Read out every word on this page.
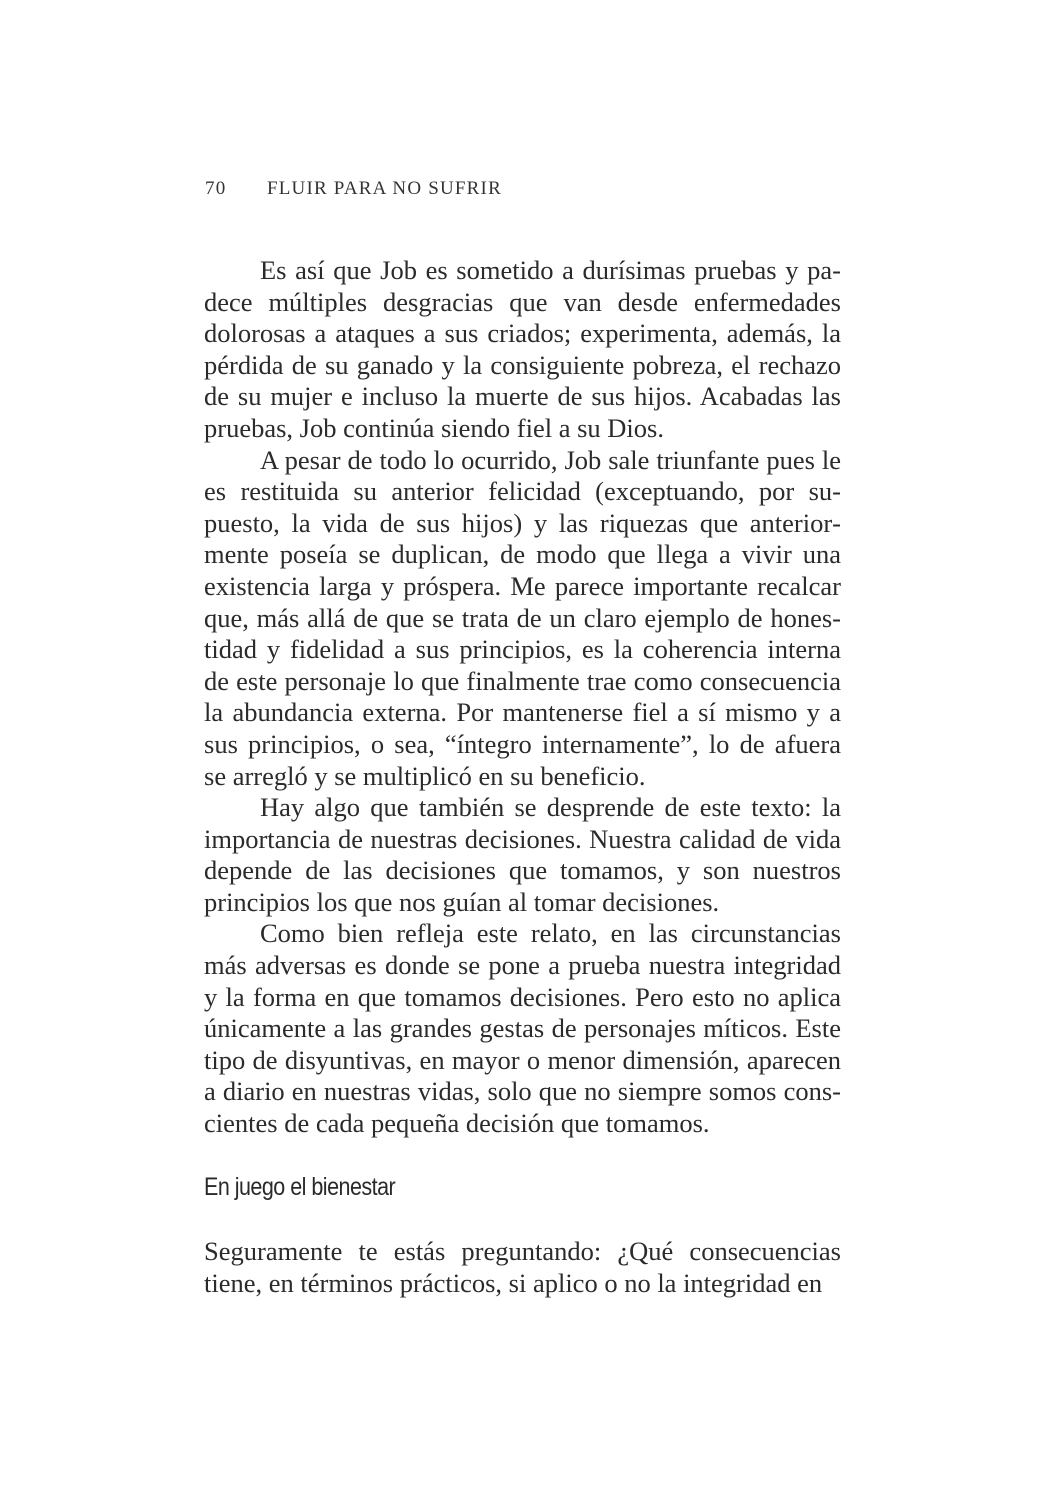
70 FLUIR PARA NO SUFRIR

Es así que Job es sometido a durísimas pruebas y padece múltiples desgracias que van desde enfermedades dolorosas a ataques a sus criados; experimenta, además, la pérdida de su ganado y la consiguiente pobreza, el rechazo de su mujer e incluso la muerte de sus hijos. Acabadas las pruebas, Job continúa siendo fiel a su Dios.

A pesar de todo lo ocurrido, Job sale triunfante pues le es restituida su anterior felicidad (exceptuando, por supuesto, la vida de sus hijos) y las riquezas que anteriormente poseía se duplican, de modo que llega a vivir una existencia larga y próspera. Me parece importante recalcar que, más allá de que se trata de un claro ejemplo de honestidad y fidelidad a sus principios, es la coherencia interna de este personaje lo que finalmente trae como consecuencia la abundancia externa. Por mantenerse fiel a sí mismo y a sus principios, o sea, “íntegro internamente”, lo de afuera se arregló y se multiplicó en su beneficio.

Hay algo que también se desprende de este texto: la importancia de nuestras decisiones. Nuestra calidad de vida depende de las decisiones que tomamos, y son nuestros principios los que nos guían al tomar decisiones.

Como bien refleja este relato, en las circunstancias más adversas es donde se pone a prueba nuestra integridad y la forma en que tomamos decisiones. Pero esto no aplica únicamente a las grandes gestas de personajes míticos. Este tipo de disyuntivas, en mayor o menor dimensión, aparecen a diario en nuestras vidas, solo que no siempre somos conscientes de cada pequeña decisión que tomamos.

En juego el bienestar

Seguramente te estás preguntando: ¿Qué consecuencias tiene, en términos prácticos, si aplico o no la integridad en
